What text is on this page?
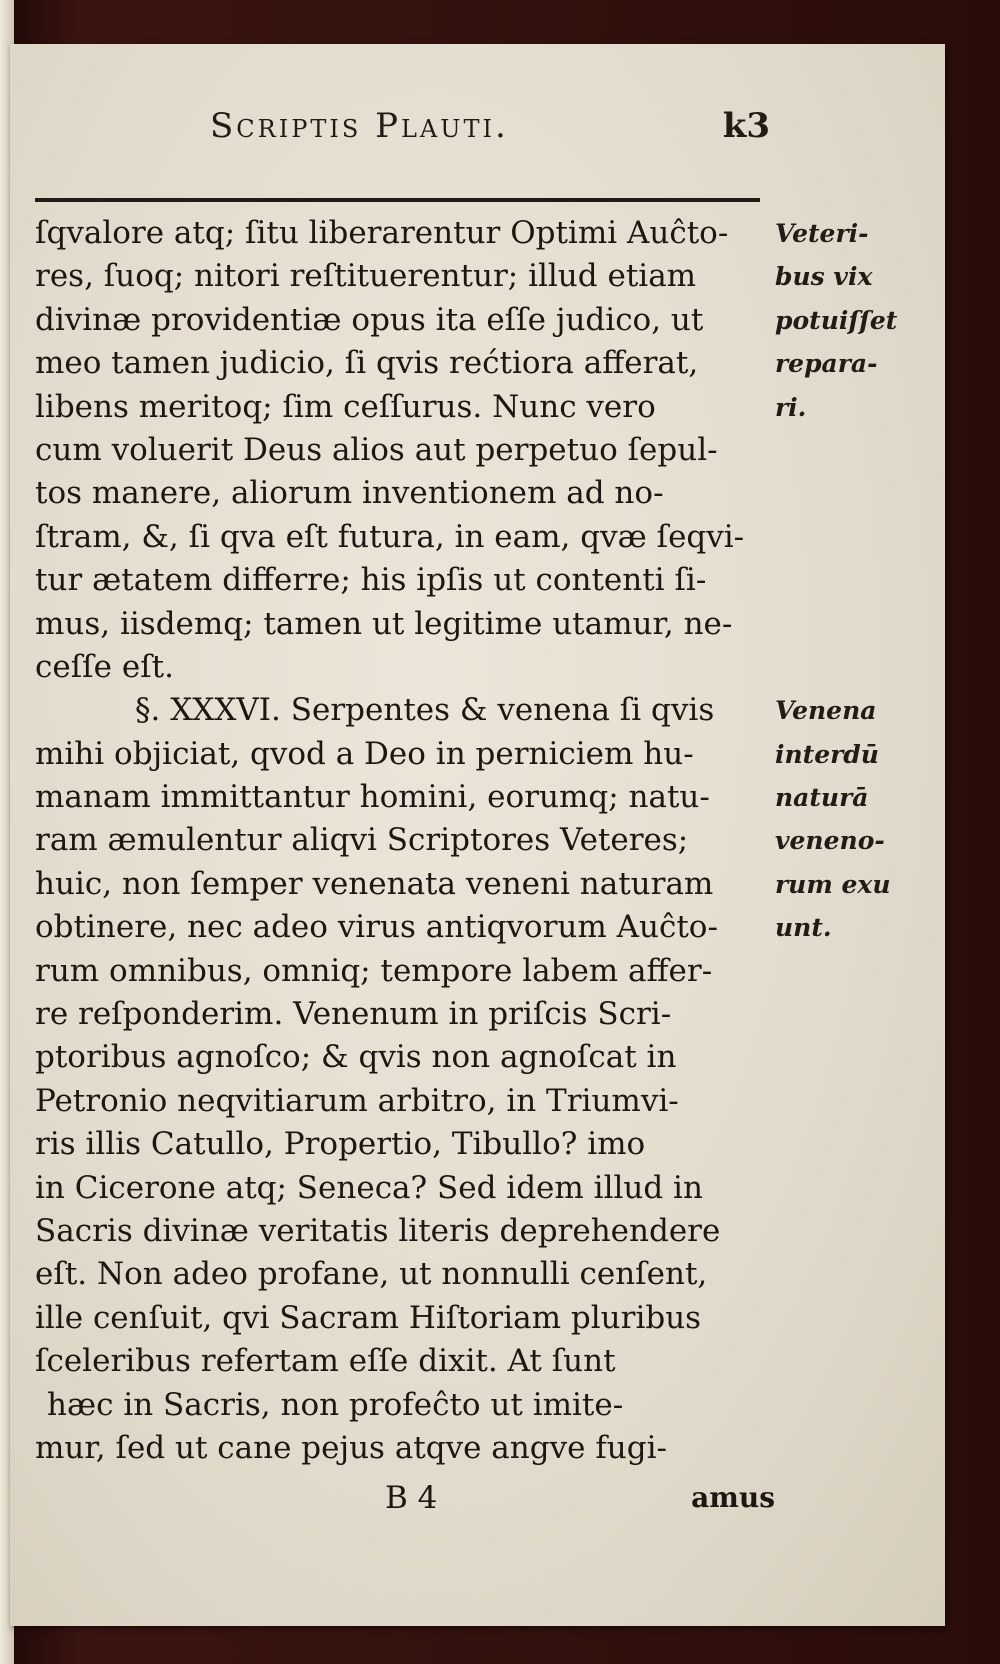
Scriptis Plauti.	k3
ſqvalore atq; ſitu liberarentur Optimi Auĉto-
res, ſuoq; nitori reſtituerentur; illud etiam
divinæ providentiæ opus ita eſſe judico, ut
meo tamen judicio, ſi qvis rećtiora afferat,
libens meritoq; ſim ceſſurus. Nunc vero
cum voluerit Deus alios aut perpetuo ſepul-
tos manere, aliorum inventionem ad no-
ſtram, &, ſi qva eſt futura, in eam, qvæ ſeqvi-
tur ætatem differre; his ipſis ut contenti ſi-
mus, iisdemq; tamen ut legitime utamur, ne-
ceſſe eſt.
§. XXXVI. Serpentes & venena ſi qvis
mihi objiciat, qvod a Deo in perniciem hu-
manam immittantur homini, eorumq; natu-
ram æmulentur aliqvi Scriptores Veteres;
huic, non ſemper venenata veneni naturam
obtinere, nec adeo virus antiqvorum Auĉto-
rum omnibus, omniq; tempore labem affer-
re reſponderim. Venenum in priſcis Scri-
ptoribus agnoſco; & qvis non agnoſcat in
Petronio neqvitiarum arbitro, in Triumvi-
ris illis Catullo, Propertio, Tibullo? imo
in Cicerone atq; Seneca? Sed idem illud in
Sacris divinæ veritatis literis deprehendere
eſt. Non adeo profane, ut nonnulli cenſent,
ille cenſuit, qvi Sacram Hiſtoriam pluribus
ſceleribus refertam eſſe dixit. At ſunt
hæc in Sacris, non profeĉto ut imite-
mur, ſed ut cane pejus atqve angve fugi-
Veteri-
bus vix
potuiſſet
repara-
ri.
Venena
interdū
naturā
veneno-
rum exu
unt.
B 4	amus
